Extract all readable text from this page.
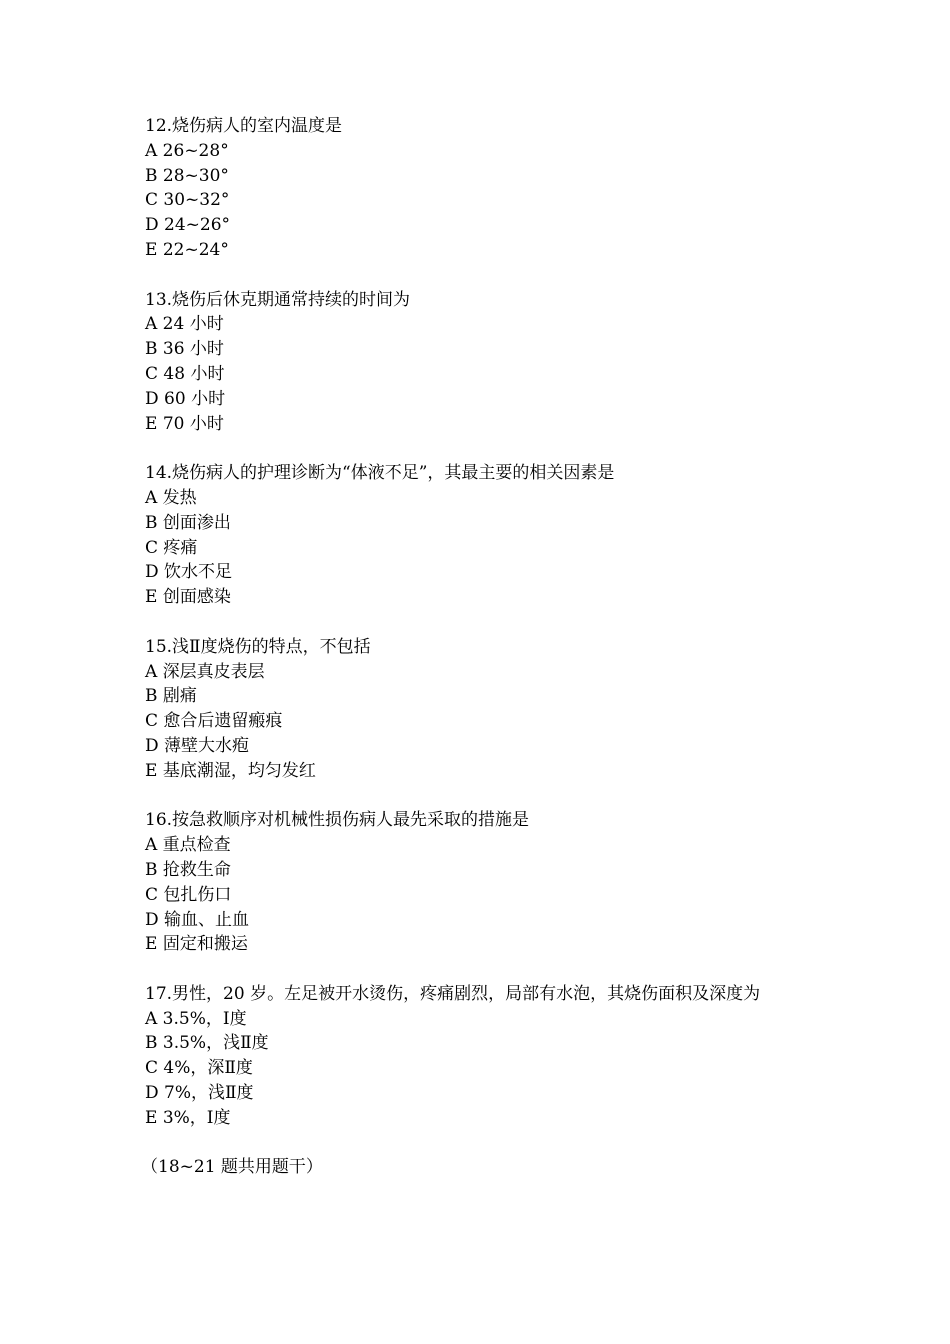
12.烧伤病人的室内温度是
A 26~28°
B 28~30°
C 30~32°
D 24~26°
E 22~24°
13.烧伤后休克期通常持续的时间为
A 24 小时
B 36 小时
C 48 小时
D 60 小时
E 70 小时
14.烧伤病人的护理诊断为“体液不足”，其最主要的相关因素是
A 发热
B 创面渗出
C 疼痛
D 饮水不足
E 创面感染
15.浅Ⅱ度烧伤的特点，不包括
A 深层真皮表层
B 剧痛
C 愈合后遗留瘢痕
D 薄壁大水疱
E 基底潮湿，均匀发红
16.按急救顺序对机械性损伤病人最先采取的措施是
A 重点检查
B 抢救生命
C 包扎伤口
D 输血、止血
E 固定和搬运
17.男性，20 岁。左足被开水烫伤，疼痛剧烈，局部有水泡，其烧伤面积及深度为
A 3.5%，Ⅰ度
B 3.5%，浅Ⅱ度
C 4%，深Ⅱ度
D 7%，浅Ⅱ度
E 3%，Ⅰ度
（18~21 题共用题干）
